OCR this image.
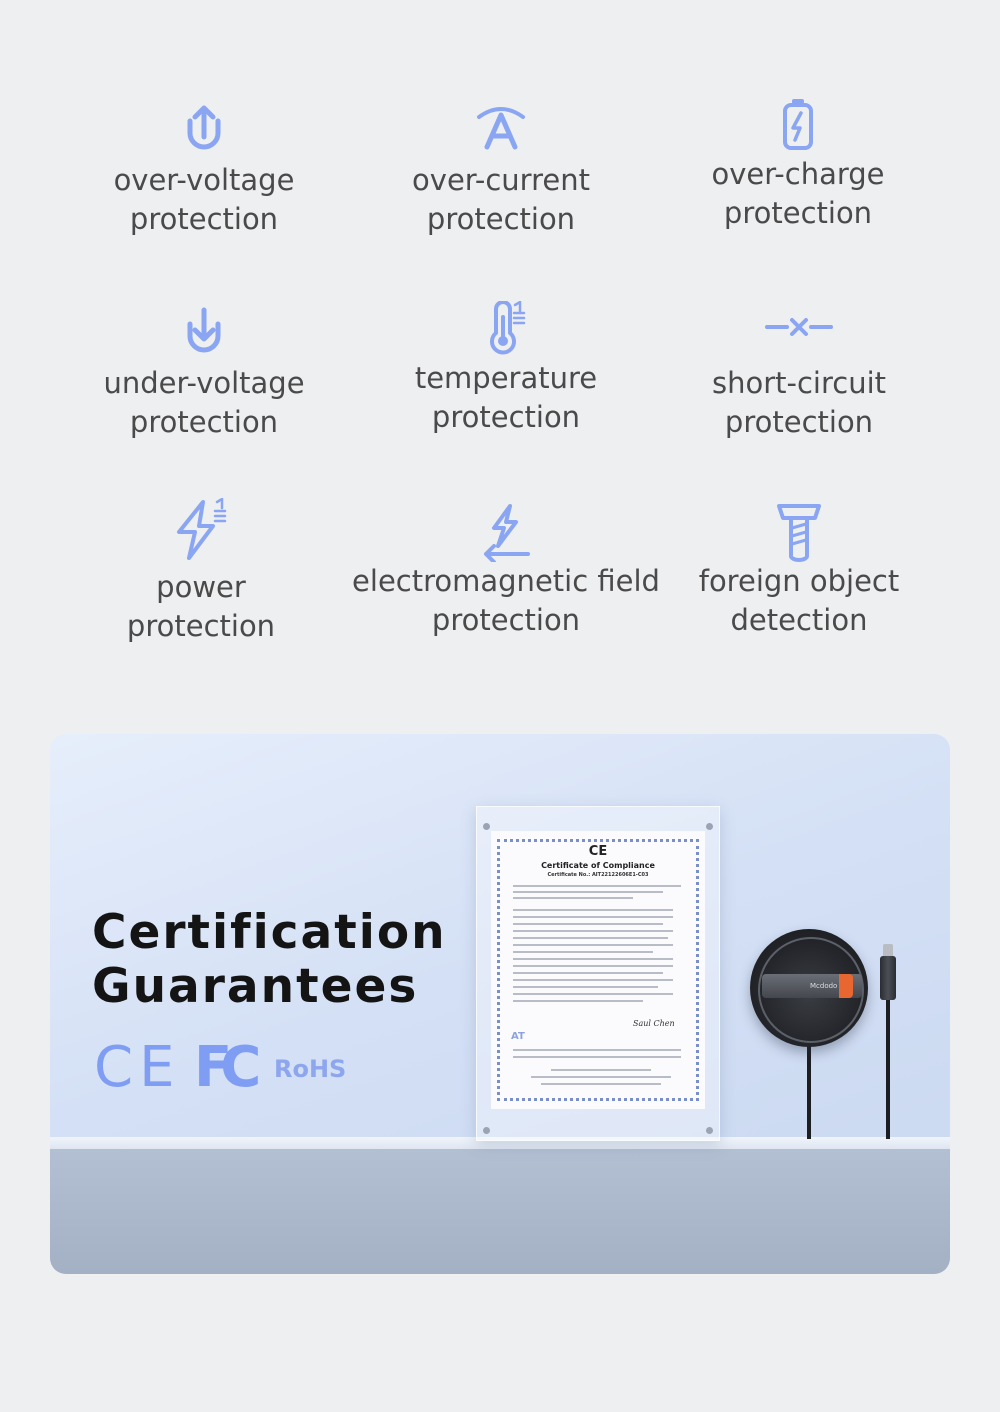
over-voltage
protection
over-current
protection
over-charge
protection
under-voltage
protection
temperature
protection
short-circuit
protection
power
protection
electromagnetic field
protection
foreign object
detection
Certification
Guarantees
CE FC RoHS
CE
Certificate of Compliance
Certificate No.: AIT22122606E1-C03
Saul Chen
AT
Mcdodo
